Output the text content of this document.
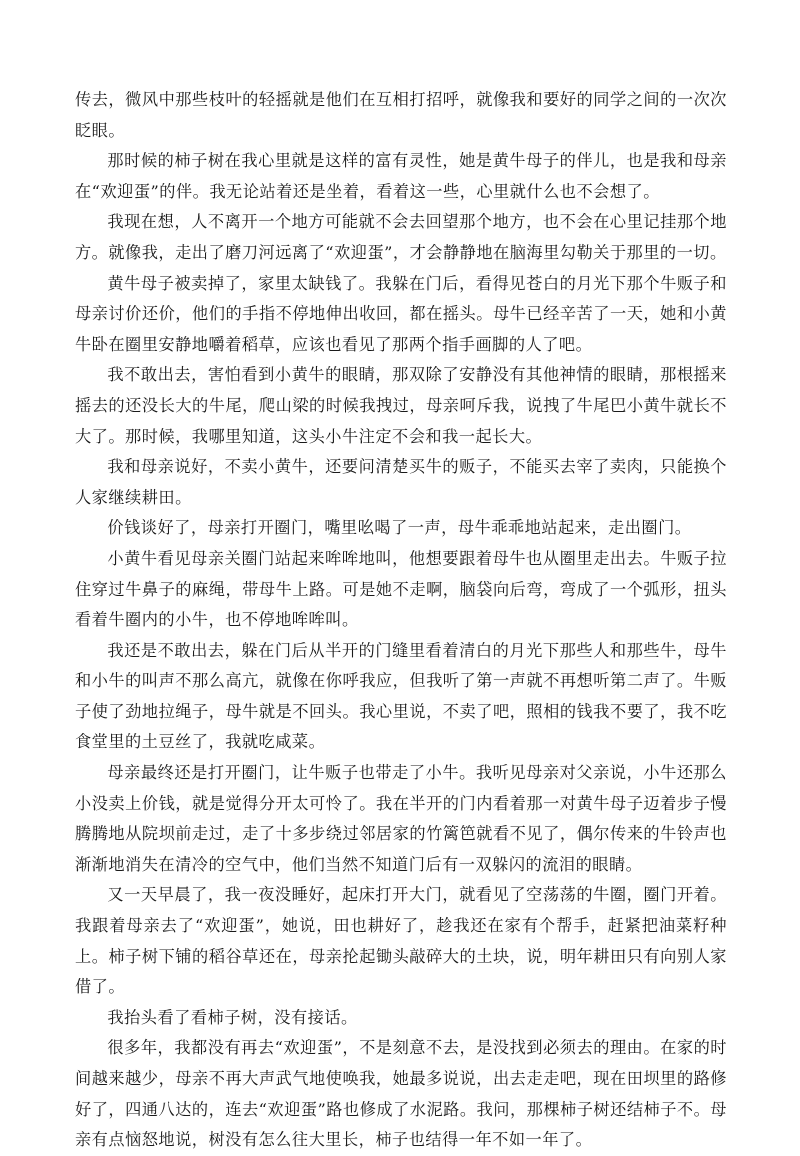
传去，微风中那些枝叶的轻摇就是他们在互相打招呼，就像我和要好的同学之间的一次次眨眼。

那时候的柿子树在我心里就是这样的富有灵性，她是黄牛母子的伴儿，也是我和母亲在“欢迎蛋”的伴。我无论站着还是坐着，看着这一些，心里就什么也不会想了。

我现在想，人不离开一个地方可能就不会去回望那个地方，也不会在心里记挂那个地方。就像我，走出了磨刀河远离了“欢迎蛋”，才会静静地在脑海里勾勒关于那里的一切。

黄牛母子被卖掉了，家里太缺钱了。我躲在门后，看得见苍白的月光下那个牛贩子和母亲讨价还价，他们的手指不停地伸出收回，都在摇头。母牛已经辛苦了一天，她和小黄牛卧在圈里安静地嚼着稻草，应该也看见了那两个指手画脚的人了吧。

我不敢出去，害怕看到小黄牛的眼睛，那双除了安静没有其他神情的眼睛，那根摇来摇去的还没长大的牛尾，爬山梁的时候我拽过，母亲呵斥我，说拽了牛尾巴小黄牛就长不大了。那时候，我哪里知道，这头小牛注定不会和我一起长大。

我和母亲说好，不卖小黄牛，还要问清楚买牛的贩子，不能买去宰了卖肉，只能换个人家继续耕田。

价钱谈好了，母亲打开圈门，嘴里吆喝了一声，母牛乖乖地站起来，走出圈门。

小黄牛看见母亲关圈门站起来哞哞地叫，他想要跟着母牛也从圈里走出去。牛贩子拉住穿过牛鼻子的麻绳，带母牛上路。可是她不走啊，脑袋向后弯，弯成了一个弧形，扭头看着牛圈内的小牛，也不停地哞哞叫。

我还是不敢出去，躲在门后从半开的门缝里看着清白的月光下那些人和那些牛，母牛和小牛的叫声不那么高亢，就像在你呼我应，但我听了第一声就不再想听第二声了。牛贩子使了劲地拉绳子，母牛就是不回头。我心里说，不卖了吧，照相的钱我不要了，我不吃食堂里的土豆丝了，我就吃咸菜。

母亲最终还是打开圈门，让牛贩子也带走了小牛。我听见母亲对父亲说，小牛还那么小没卖上价钱，就是觉得分开太可怜了。我在半开的门内看着那一对黄牛母子迈着步子慢腾腾地从院坝前走过，走了十多步绕过邻居家的竹篱笆就看不见了，偶尔传来的牛铃声也渐渐地消失在清冷的空气中，他们当然不知道门后有一双躲闪的流泪的眼睛。

又一天早晨了，我一夜没睡好，起床打开大门，就看见了空荡荡的牛圈，圈门开着。我跟着母亲去了“欢迎蛋”，她说，田也耕好了，趁我还在家有个帮手，赶紧把油菜籽种上。柿子树下铺的稻谷草还在，母亲抡起锄头敲碎大的土块，说，明年耕田只有向别人家借了。

我抬头看了看柿子树，没有接话。

很多年，我都没有再去“欢迎蛋”，不是刻意不去，是没找到必须去的理由。在家的时间越来越少，母亲不再大声武气地使唤我，她最多说说，出去走走吧，现在田坝里的路修好了，四通八达的，连去“欢迎蛋”路也修成了水泥路。我问，那棵柿子树还结柿子不。母亲有点恼怒地说，树没有怎么往大里长，柿子也结得一年不如一年了。
